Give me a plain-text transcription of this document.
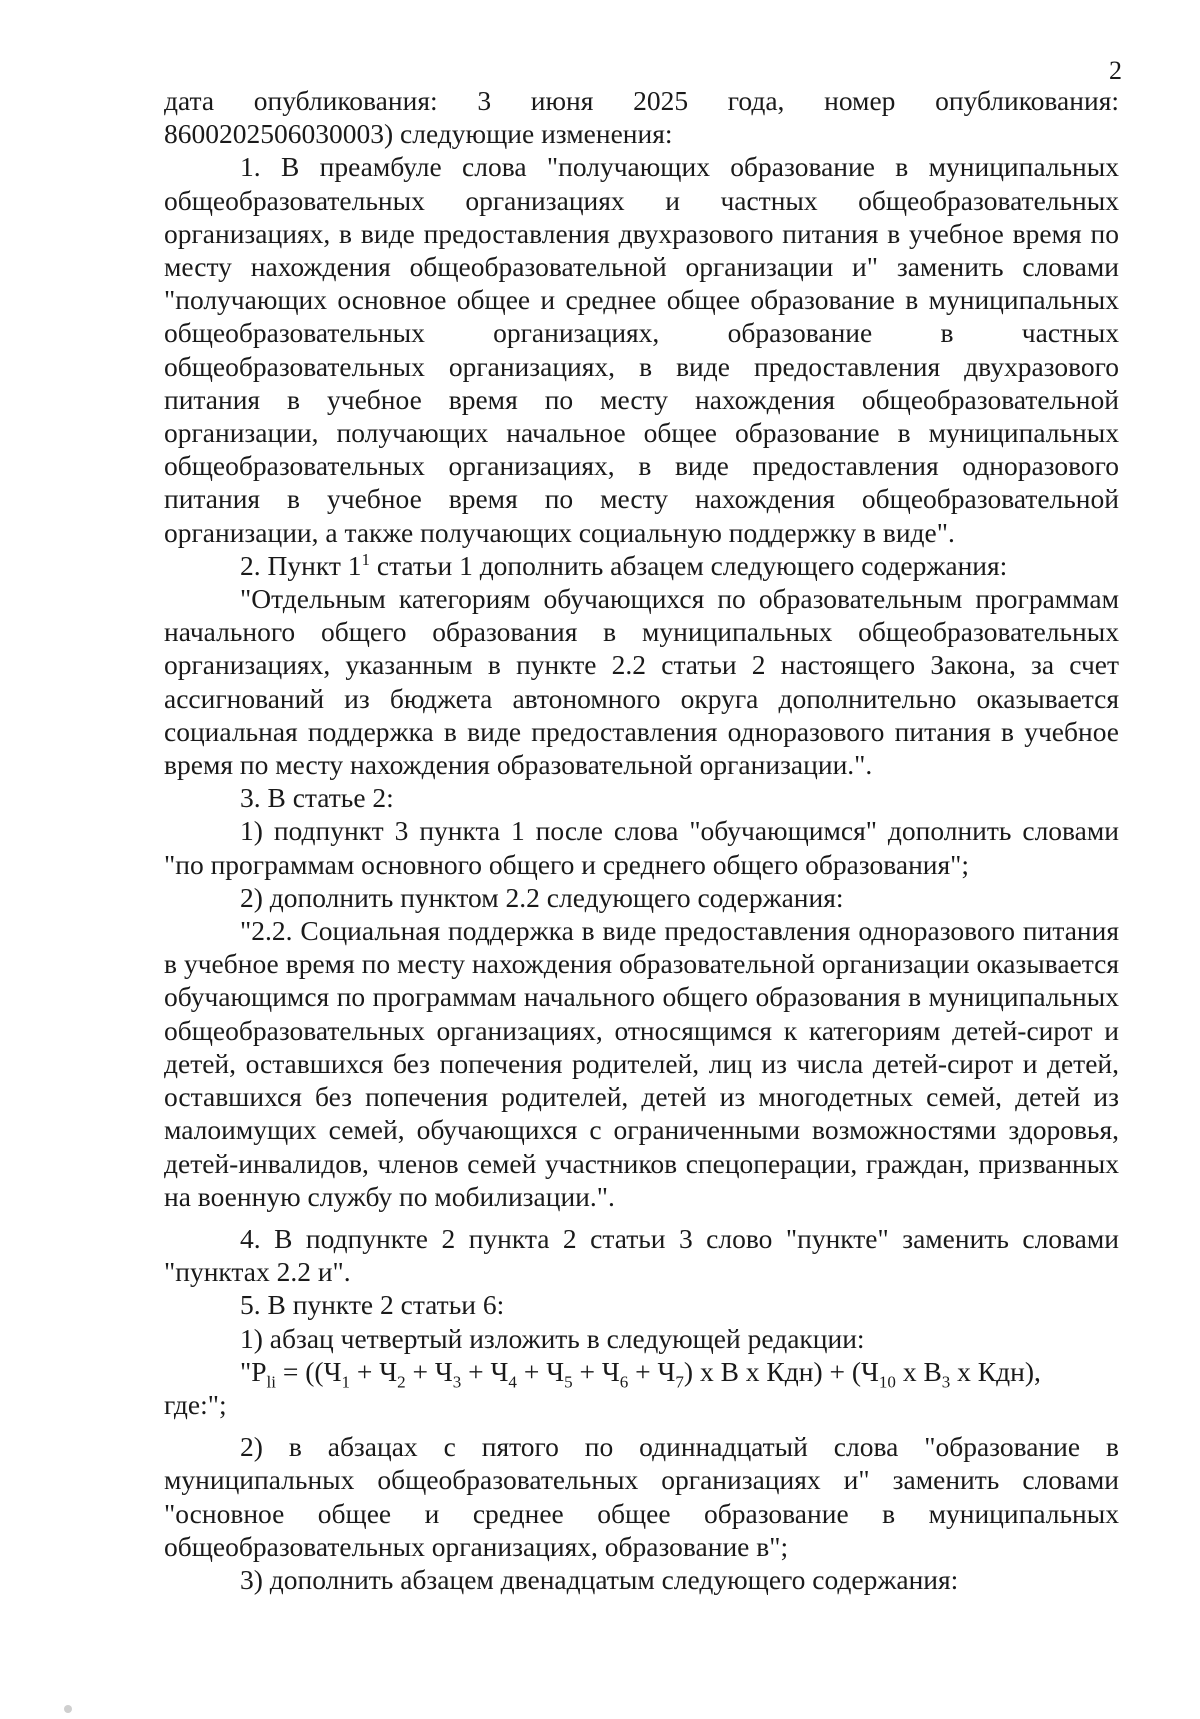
2

дата опубликования: 3 июня 2025 года, номер опубликования: 8600202506030003) следующие изменения:

1. В преамбуле слова "получающих образование в муниципальных общеобразовательных организациях и частных общеобразовательных организациях, в виде предоставления двухразового питания в учебное время по месту нахождения общеобразовательной организации и" заменить словами "получающих основное общее и среднее общее образование в муниципальных общеобразовательных организациях, образование в частных общеобразовательных организациях, в виде предоставления двухразового питания в учебное время по месту нахождения общеобразовательной организации, получающих начальное общее образование в муниципальных общеобразовательных организациях, в виде предоставления одноразового питания в учебное время по месту нахождения общеобразовательной организации, а также получающих социальную поддержку в виде".

2. Пункт $1^1$ статьи 1 дополнить абзацем следующего содержания:

"Отдельным категориям обучающихся по образовательным программам начального общего образования в муниципальных общеобразовательных организациях, указанным в пункте 2.2 статьи 2 настоящего Закона, за счет ассигнований из бюджета автономного округа дополнительно оказывается социальная поддержка в виде предоставления одноразового питания в учебное время по месту нахождения образовательной организации.".

3. В статье 2:

1) подпункт 3 пункта 1 после слова "обучающимся" дополнить словами "по программам основного общего и среднего общего образования";

2) дополнить пунктом 2.2 следующего содержания:

"2.2. Социальная поддержка в виде предоставления одноразового питания в учебное время по месту нахождения образовательной организации оказывается обучающимся по программам начального общего образования в муниципальных общеобразовательных организациях, относящимся к категориям детей-сирот и детей, оставшихся без попечения родителей, лиц из числа детей-сирот и детей, оставшихся без попечения родителей, детей из многодетных семей, детей из малоимущих семей, обучающихся с ограниченными возможностями здоровья, детей-инвалидов, членов семей участников спецоперации, граждан, призванных на военную службу по мобилизации.".

4. В подпункте 2 пункта 2 статьи 3 слово "пункте" заменить словами "пунктах 2.2 и".

5. В пункте 2 статьи 6:

1) абзац четвертый изложить в следующей редакции:

"$Р_{li} = ((Ч_1 + Ч_2 + Ч_3 + Ч_4 + Ч_5 + Ч_6 + Ч_7)$ х В х $Кдн) + (Ч_{10}$ х $В_3$ х Кдн),

где:";

2) в абзацах с пятого по одиннадцатый слова "образование в муниципальных общеобразовательных организациях и" заменить словами "основное общее и среднее общее образование в муниципальных общеобразовательных организациях, образование в";

3) дополнить абзацем двенадцатым следующего содержания:
